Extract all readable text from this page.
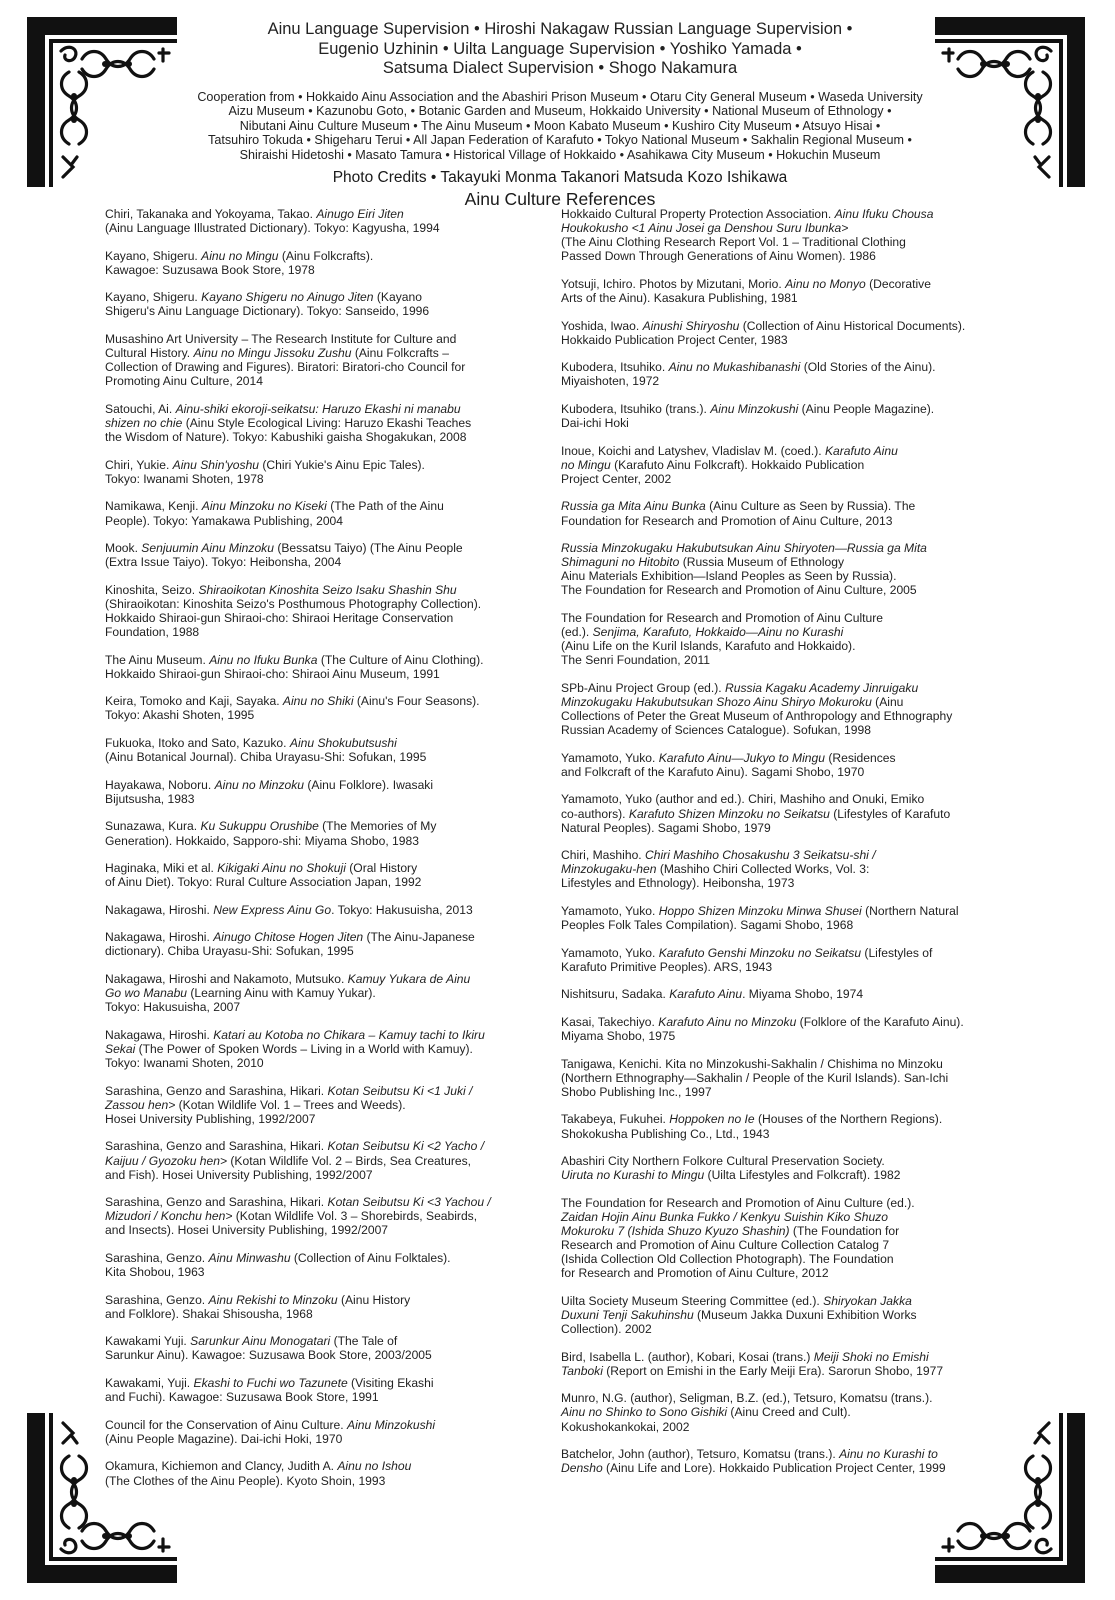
Ainu Language Supervision • Hiroshi Nakagaw Russian Language Supervision •
Eugenio Uzhinin • Uilta Language Supervision • Yoshiko Yamada •
Satsuma Dialect Supervision • Shogo Nakamura
Cooperation from • Hokkaido Ainu Association and the Abashiri Prison Museum • Otaru City General Museum • Waseda University
Aizu Museum • Kazunobu Goto, • Botanic Garden and Museum, Hokkaido University • National Museum of Ethnology •
Nibutani Ainu Culture Museum • The Ainu Museum • Moon Kabato Museum • Kushiro City Museum • Atsuyo Hisai •
Tatsuhiro Tokuda • Shigeharu Terui • All Japan Federation of Karafuto • Tokyo National Museum • Sakhalin Regional Museum •
Shiraishi Hidetoshi • Masato Tamura • Historical Village of Hokkaido • Asahikawa City Museum • Hokuchin Museum
Photo Credits • Takayuki Monma Takanori Matsuda Kozo Ishikawa
Ainu Culture References
Chiri, Takanaka and Yokoyama, Takao. Ainugo Eiri Jiten
(Ainu Language Illustrated Dictionary). Tokyo: Kagyusha, 1994
Kayano, Shigeru. Ainu no Mingu (Ainu Folkcrafts).
Kawagoe: Suzusawa Book Store, 1978
Kayano, Shigeru. Kayano Shigeru no Ainugo Jiten (Kayano
Shigeru's Ainu Language Dictionary). Tokyo: Sanseido, 1996
Musashino Art University – The Research Institute for Culture and
Cultural History. Ainu no Mingu Jissoku Zushu (Ainu Folkcrafts –
Collection of Drawing and Figures). Biratori: Biratori-cho Council for
Promoting Ainu Culture, 2014
Satouchi, Ai. Ainu-shiki ekoroji-seikatsu: Haruzo Ekashi ni manabu
shizen no chie (Ainu Style Ecological Living: Haruzo Ekashi Teaches
the Wisdom of Nature). Tokyo: Kabushiki gaisha Shogakukan, 2008
Chiri, Yukie. Ainu Shin'yoshu (Chiri Yukie's Ainu Epic Tales).
Tokyo: Iwanami Shoten, 1978
Namikawa, Kenji. Ainu Minzoku no Kiseki (The Path of the Ainu
People). Tokyo: Yamakawa Publishing, 2004
Mook. Senjuumin Ainu Minzoku (Bessatsu Taiyo) (The Ainu People
(Extra Issue Taiyo). Tokyo: Heibonsha, 2004
Kinoshita, Seizo. Shiraoikotan Kinoshita Seizo Isaku Shashin Shu
(Shiraoikotan: Kinoshita Seizo's Posthumous Photography Collection).
Hokkaido Shiraoi-gun Shiraoi-cho: Shiraoi Heritage Conservation
Foundation, 1988
The Ainu Museum. Ainu no Ifuku Bunka (The Culture of Ainu Clothing).
Hokkaido Shiraoi-gun Shiraoi-cho: Shiraoi Ainu Museum, 1991
Keira, Tomoko and Kaji, Sayaka. Ainu no Shiki (Ainu's Four Seasons).
Tokyo: Akashi Shoten, 1995
Fukuoka, Itoko and Sato, Kazuko. Ainu Shokubutsushi
(Ainu Botanical Journal). Chiba Urayasu-Shi: Sofukan, 1995
Hayakawa, Noboru. Ainu no Minzoku (Ainu Folklore). Iwasaki
Bijutsusha, 1983
Sunazawa, Kura. Ku Sukuppu Orushibe (The Memories of My
Generation). Hokkaido, Sapporo-shi: Miyama Shobo, 1983
Haginaka, Miki et al. Kikigaki Ainu no Shokuji (Oral History
of Ainu Diet). Tokyo: Rural Culture Association Japan, 1992
Nakagawa, Hiroshi. New Express Ainu Go. Tokyo: Hakusuisha, 2013
Nakagawa, Hiroshi. Ainugo Chitose Hogen Jiten (The Ainu-Japanese
dictionary). Chiba Urayasu-Shi: Sofukan, 1995
Nakagawa, Hiroshi and Nakamoto, Mutsuko. Kamuy Yukara de Ainu
Go wo Manabu (Learning Ainu with Kamuy Yukar).
Tokyo: Hakusuisha, 2007
Nakagawa, Hiroshi. Katari au Kotoba no Chikara – Kamuy tachi to Ikiru
Sekai (The Power of Spoken Words – Living in a World with Kamuy).
Tokyo: Iwanami Shoten, 2010
Sarashina, Genzo and Sarashina, Hikari. Kotan Seibutsu Ki <1 Juki /
Zassou hen> (Kotan Wildlife Vol. 1 – Trees and Weeds).
Hosei University Publishing, 1992/2007
Sarashina, Genzo and Sarashina, Hikari. Kotan Seibutsu Ki <2 Yacho /
Kaijuu / Gyozoku hen> (Kotan Wildlife Vol. 2 – Birds, Sea Creatures,
and Fish). Hosei University Publishing, 1992/2007
Sarashina, Genzo and Sarashina, Hikari. Kotan Seibutsu Ki <3 Yachou /
Mizudori / Konchu hen> (Kotan Wildlife Vol. 3 – Shorebirds, Seabirds,
and Insects). Hosei University Publishing, 1992/2007
Sarashina, Genzo. Ainu Minwashu (Collection of Ainu Folktales).
Kita Shobou, 1963
Sarashina, Genzo. Ainu Rekishi to Minzoku (Ainu History
and Folklore). Shakai Shisousha, 1968
Kawakami Yuji. Sarunkur Ainu Monogatari (The Tale of
Sarunkur Ainu). Kawagoe: Suzusawa Book Store, 2003/2005
Kawakami, Yuji. Ekashi to Fuchi wo Tazunete (Visiting Ekashi
and Fuchi). Kawagoe: Suzusawa Book Store, 1991
Council for the Conservation of Ainu Culture. Ainu Minzokushi
(Ainu People Magazine). Dai-ichi Hoki, 1970
Okamura, Kichiemon and Clancy, Judith A. Ainu no Ishou
(The Clothes of the Ainu People). Kyoto Shoin, 1993
Hokkaido Cultural Property Protection Association. Ainu Ifuku Chousa
Houkokusho <1 Ainu Josei ga Denshou Suru Ibunka>
(The Ainu Clothing Research Report Vol. 1 – Traditional Clothing
Passed Down Through Generations of Ainu Women). 1986
Yotsuji, Ichiro. Photos by Mizutani, Morio. Ainu no Monyo (Decorative
Arts of the Ainu). Kasakura Publishing, 1981
Yoshida, Iwao. Ainushi Shiryoshu (Collection of Ainu Historical Documents).
Hokkaido Publication Project Center, 1983
Kubodera, Itsuhiko. Ainu no Mukashibanashi (Old Stories of the Ainu).
Miyaishoten, 1972
Kubodera, Itsuhiko (trans.). Ainu Minzokushi (Ainu People Magazine).
Dai-ichi Hoki
Inoue, Koichi and Latyshev, Vladislav M. (coed.). Karafuto Ainu
no Mingu (Karafuto Ainu Folkcraft). Hokkaido Publication
Project Center, 2002
Russia ga Mita Ainu Bunka (Ainu Culture as Seen by Russia). The
Foundation for Research and Promotion of Ainu Culture, 2013
Russia Minzokugaku Hakubutsukan Ainu Shiryoten—Russia ga Mita
Shimaguni no Hitobito (Russia Museum of Ethnology
Ainu Materials Exhibition—Island Peoples as Seen by Russia).
The Foundation for Research and Promotion of Ainu Culture, 2005
The Foundation for Research and Promotion of Ainu Culture
(ed.). Senjima, Karafuto, Hokkaido—Ainu no Kurashi
(Ainu Life on the Kuril Islands, Karafuto and Hokkaido).
The Senri Foundation, 2011
SPb-Ainu Project Group (ed.). Russia Kagaku Academy Jinruigaku
Minzokugaku Hakubutsukan Shozo Ainu Shiryo Mokuroku (Ainu
Collections of Peter the Great Museum of Anthropology and Ethnography
Russian Academy of Sciences Catalogue). Sofukan, 1998
Yamamoto, Yuko. Karafuto Ainu—Jukyo to Mingu (Residences
and Folkcraft of the Karafuto Ainu). Sagami Shobo, 1970
Yamamoto, Yuko (author and ed.). Chiri, Mashiho and Onuki, Emiko
co-authors). Karafuto Shizen Minzoku no Seikatsu (Lifestyles of Karafuto
Natural Peoples). Sagami Shobo, 1979
Chiri, Mashiho. Chiri Mashiho Chosakushu 3 Seikatsu-shi /
Minzokugaku-hen (Mashiho Chiri Collected Works, Vol. 3:
Lifestyles and Ethnology). Heibonsha, 1973
Yamamoto, Yuko. Hoppo Shizen Minzoku Minwa Shusei (Northern Natural
Peoples Folk Tales Compilation). Sagami Shobo, 1968
Yamamoto, Yuko. Karafuto Genshi Minzoku no Seikatsu (Lifestyles of
Karafuto Primitive Peoples). ARS, 1943
Nishitsuru, Sadaka. Karafuto Ainu. Miyama Shobo, 1974
Kasai, Takechiyo. Karafuto Ainu no Minzoku (Folklore of the Karafuto Ainu).
Miyama Shobo, 1975
Tanigawa, Kenichi. Kita no Minzokushi-Sakhalin / Chishima no Minzoku
(Northern Ethnography—Sakhalin / People of the Kuril Islands). San-Ichi
Shobo Publishing Inc., 1997
Takabeya, Fukuhei. Hoppoken no Ie (Houses of the Northern Regions).
Shokokusha Publishing Co., Ltd., 1943
Abashiri City Northern Folkore Cultural Preservation Society.
Uiruta no Kurashi to Mingu (Uilta Lifestyles and Folkcraft). 1982
The Foundation for Research and Promotion of Ainu Culture (ed.).
Zaidan Hojin Ainu Bunka Fukko / Kenkyu Suishin Kiko Shuzo
Mokuroku 7 (Ishida Shuzo Kyuzo Shashin) (The Foundation for
Research and Promotion of Ainu Culture Collection Catalog 7
(Ishida Collection Old Collection Photograph). The Foundation
for Research and Promotion of Ainu Culture, 2012
Uilta Society Museum Steering Committee (ed.). Shiryokan Jakka
Duxuni Tenji Sakuhinshu (Museum Jakka Duxuni Exhibition Works
Collection). 2002
Bird, Isabella L. (author), Kobari, Kosai (trans.) Meiji Shoki no Emishi
Tanboki (Report on Emishi in the Early Meiji Era). Sarorun Shobo, 1977
Munro, N.G. (author), Seligman, B.Z. (ed.), Tetsuro, Komatsu (trans.).
Ainu no Shinko to Sono Gishiki (Ainu Creed and Cult).
Kokushokankokai, 2002
Batchelor, John (author), Tetsuro, Komatsu (trans.). Ainu no Kurashi to
Densho (Ainu Life and Lore). Hokkaido Publication Project Center, 1999
